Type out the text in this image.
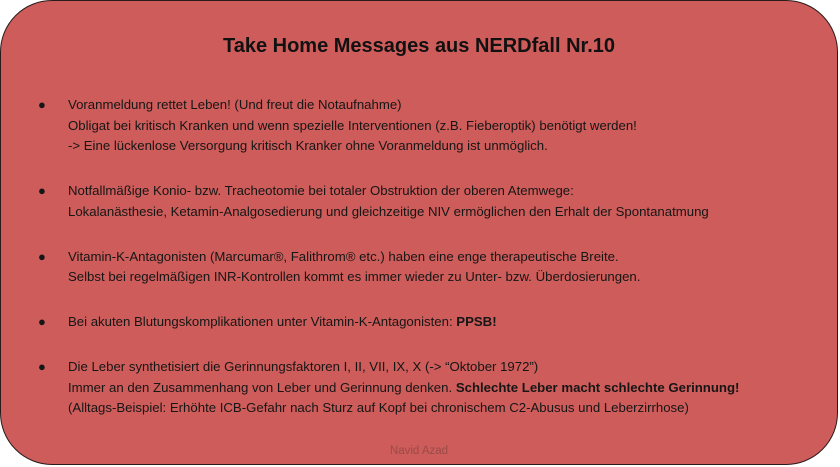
Take Home Messages aus NERDfall Nr.10
● Voranmeldung rettet Leben! (Und freut die Notaufnahme)
Obligat bei kritisch Kranken und wenn spezielle Interventionen (z.B. Fieberoptik) benötigt werden!
-> Eine lückenlose Versorgung kritisch Kranker ohne Voranmeldung ist unmöglich.
● Notfallmäßige Konio- bzw. Tracheotomie bei totaler Obstruktion der oberen Atemwege:
Lokalanästhesie, Ketamin-Analgosedierung und gleichzeitige NIV ermöglichen den Erhalt der Spontanatmung
● Vitamin-K-Antagonisten (Marcumar®, Falithrom® etc.) haben eine enge therapeutische Breite.
Selbst bei regelmäßigen INR-Kontrollen kommt es immer wieder zu Unter- bzw. Überdosierungen.
● Bei akuten Blutungskomplikationen unter Vitamin-K-Antagonisten: PPSB!
● Die Leber synthetisiert die Gerinnungsfaktoren I, II, VII, IX, X (-> “Oktober 1972”)
Immer an den Zusammenhang von Leber und Gerinnung denken. Schlechte Leber macht schlechte Gerinnung!
(Alltags-Beispiel: Erhöhte ICB-Gefahr nach Sturz auf Kopf bei chronischem C2-Abusus und Leberzirrhose)
Navid Azad
